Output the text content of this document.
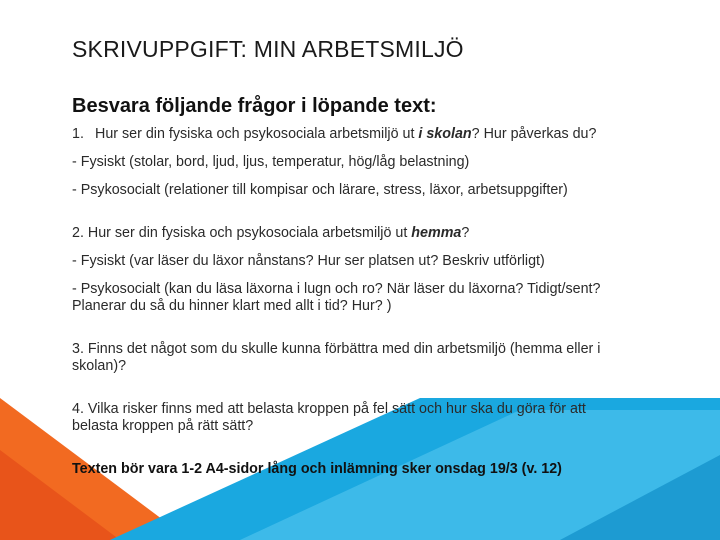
SKRIVUPPGIFT: MIN ARBETSMILJÖ
Besvara följande frågor i löpande text:

1. Hur ser din fysiska och psykosociala arbetsmiljö ut i skolan? Hur påverkas du?

- Fysiskt (stolar, bord, ljud, ljus, temperatur, hög/låg belastning)

- Psykosocialt (relationer till kompisar och lärare, stress, läxor, arbetsuppgifter)

2. Hur ser din fysiska och psykosociala arbetsmiljö ut hemma?

- Fysiskt (var läser du läxor nånstans? Hur ser platsen ut? Beskriv utförligt)

- Psykosocialt (kan du läsa läxorna i lugn och ro? När läser du läxorna? Tidigt/sent?

Planerar du så du hinner klart med allt i tid? Hur? )

3. Finns det något som du skulle kunna förbättra med din arbetsmiljö (hemma eller i

skolan)?

4. Vilka risker finns med att belasta kroppen på fel sätt och hur ska du göra för att

belasta kroppen på rätt sätt?

Texten bör vara 1-2 A4-sidor lång och inlämning sker onsdag 19/3 (v. 12)
